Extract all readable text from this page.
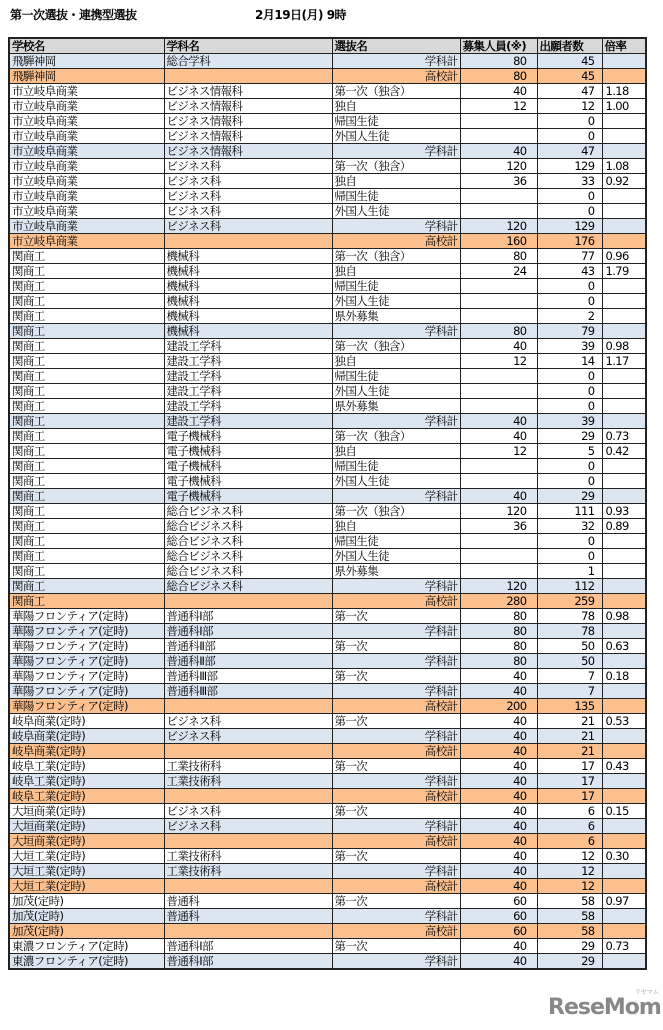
第一次選抜・連携型選抜	2月19日(月) 9時
学校名	学科名	選抜名	募集人員(※)	出願者数	倍率
飛騨神岡	総合学科	学科計	80	45	
飛騨神岡		高校計	80	45	
市立岐阜商業	ビジネス情報科	第一次（独含）	40	47	1.18
市立岐阜商業	ビジネス情報科	独自	12	12	1.00
市立岐阜商業	ビジネス情報科	帰国生徒		0	
市立岐阜商業	ビジネス情報科	外国人生徒		0	
市立岐阜商業	ビジネス情報科	学科計	40	47	
市立岐阜商業	ビジネス科	第一次（独含）	120	129	1.08
市立岐阜商業	ビジネス科	独自	36	33	0.92
市立岐阜商業	ビジネス科	帰国生徒		0	
市立岐阜商業	ビジネス科	外国人生徒		0	
市立岐阜商業	ビジネス科	学科計	120	129	
市立岐阜商業		高校計	160	176	
関商工	機械科	第一次（独含）	80	77	0.96
関商工	機械科	独自	24	43	1.79
関商工	機械科	帰国生徒		0	
関商工	機械科	外国人生徒		0	
関商工	機械科	県外募集		2	
関商工	機械科	学科計	80	79	
関商工	建設工学科	第一次（独含）	40	39	0.98
関商工	建設工学科	独自	12	14	1.17
関商工	建設工学科	帰国生徒		0	
関商工	建設工学科	外国人生徒		0	
関商工	建設工学科	県外募集		0	
関商工	建設工学科	学科計	40	39	
関商工	電子機械科	第一次（独含）	40	29	0.73
関商工	電子機械科	独自	12	5	0.42
関商工	電子機械科	帰国生徒		0	
関商工	電子機械科	外国人生徒		0	
関商工	電子機械科	学科計	40	29	
関商工	総合ビジネス科	第一次（独含）	120	111	0.93
関商工	総合ビジネス科	独自	36	32	0.89
関商工	総合ビジネス科	帰国生徒		0	
関商工	総合ビジネス科	外国人生徒		0	
関商工	総合ビジネス科	県外募集		1	
関商工	総合ビジネス科	学科計	120	112	
関商工		高校計	280	259	
華陽フロンティア(定時)	普通科Ⅰ部	第一次	80	78	0.98
華陽フロンティア(定時)	普通科Ⅰ部	学科計	80	78	
華陽フロンティア(定時)	普通科Ⅱ部	第一次	80	50	0.63
華陽フロンティア(定時)	普通科Ⅱ部	学科計	80	50	
華陽フロンティア(定時)	普通科Ⅲ部	第一次	40	7	0.18
華陽フロンティア(定時)	普通科Ⅲ部	学科計	40	7	
華陽フロンティア(定時)		高校計	200	135	
岐阜商業(定時)	ビジネス科	第一次	40	21	0.53
岐阜商業(定時)	ビジネス科	学科計	40	21	
岐阜商業(定時)		高校計	40	21	
岐阜工業(定時)	工業技術科	第一次	40	17	0.43
岐阜工業(定時)	工業技術科	学科計	40	17	
岐阜工業(定時)		高校計	40	17	
大垣商業(定時)	ビジネス科	第一次	40	6	0.15
大垣商業(定時)	ビジネス科	学科計	40	6	
大垣商業(定時)		高校計	40	6	
大垣工業(定時)	工業技術科	第一次	40	12	0.30
大垣工業(定時)	工業技術科	学科計	40	12	
大垣工業(定時)		高校計	40	12	
加茂(定時)	普通科	第一次	60	58	0.97
加茂(定時)	普通科	学科計	60	58	
加茂(定時)		高校計	60	58	
東濃フロンティア(定時)	普通科Ⅰ部	第一次	40	29	0.73
東濃フロンティア(定時)	普通科Ⅰ部	学科計	40	29	
ReseMom
リセマム
